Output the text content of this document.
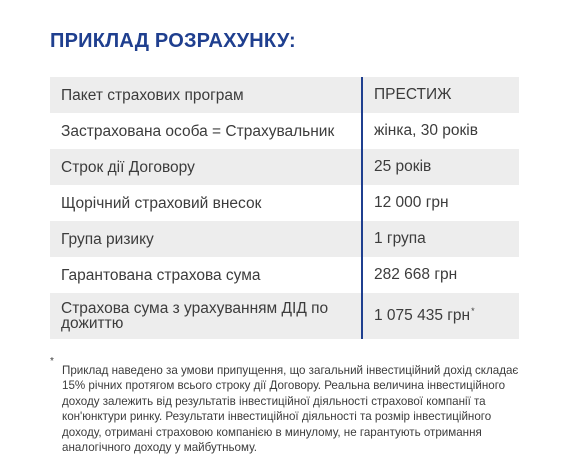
ПРИКЛАД РОЗРАХУНКУ:
Пакет страхових програм	ПРЕСТИЖ
Застрахована особа = Страхувальник	жінка, 30 років
Строк дії Договору	25 років
Щорічний страховий внесок	12 000 грн
Група ризику	1 група
Гарантована страхова сума	282 668 грн
Страхова сума з урахуванням ДІД по дожиттю	1 075 435 грн*
*
Приклад наведено за умови припущення, що загальний інвестиційний дохід складає 15% річних протягом всього строку дії Договору. Реальна величина інвестиційного доходу залежить від результатів інвестиційної діяльності страхової компанії та кон'юнктури ринку. Результати інвестиційної діяльності та розмір інвестиційного доходу, отримані страховою компанією в минулому, не гарантують отримання аналогічного доходу у майбутньому.
